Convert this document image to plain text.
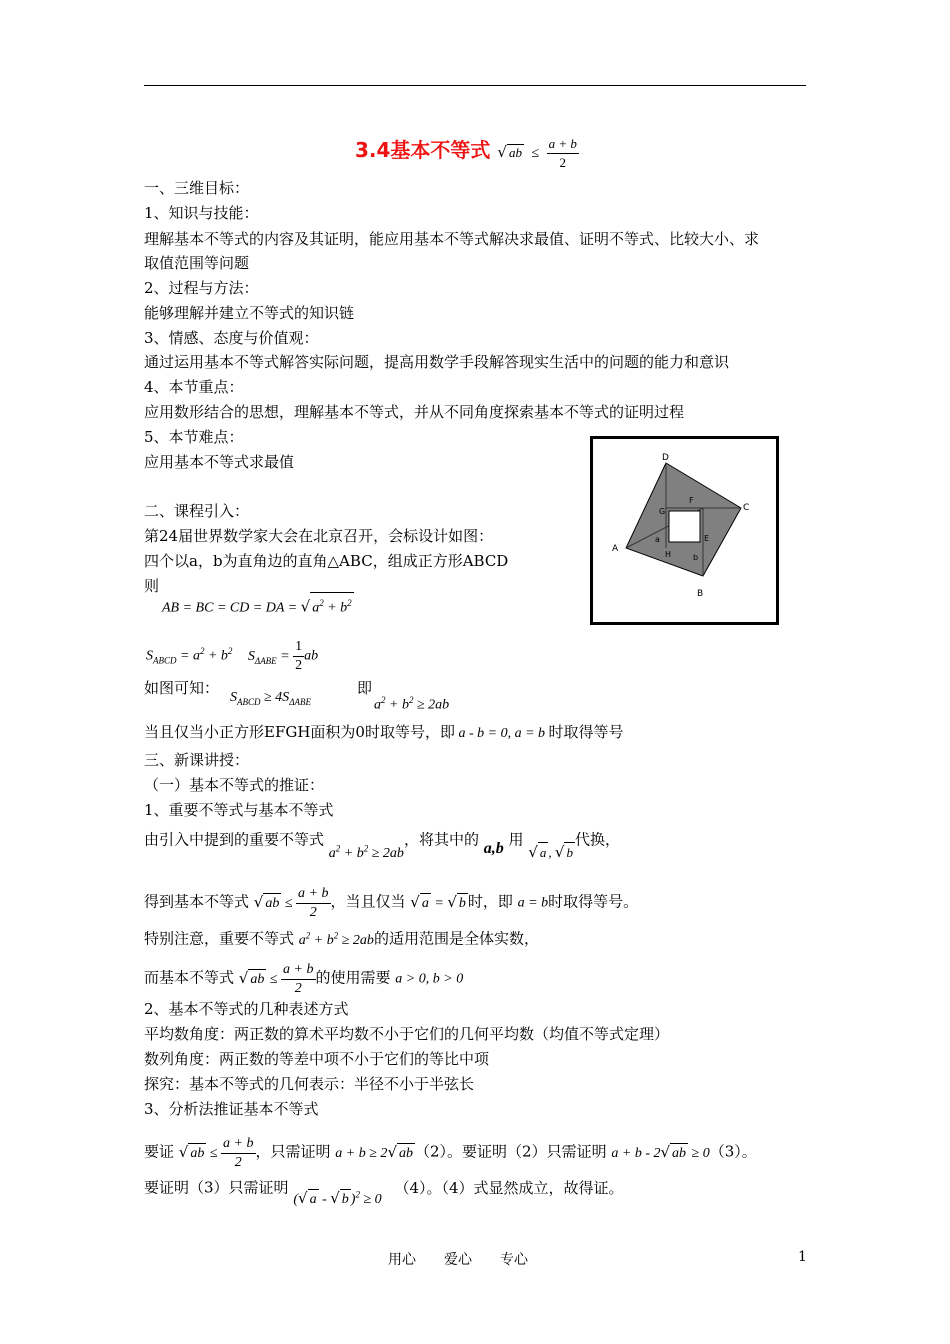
3.4基本不等式 √ ab ≤ $\frac{a + b}{2}$
一、三维目标：
1、知识与技能：
理解基本不等式的内容及其证明，能应用基本不等式解决求最值、证明不等式、比较大小、求
取值范围等问题
2、过程与方法：
能够理解并建立不等式的知识链
3、情感、态度与价值观：
通过运用基本不等式解答实际问题，提高用数学手段解答现实生活中的问题的能力和意识
4、本节重点：
应用数形结合的思想，理解基本不等式，并从不同角度探索基本不等式的证明过程
5、本节难点：
应用基本不等式求最值
二、课程引入：
第24届世界数学家大会在北京召开，会标设计如图：
四个以a，b为直角边的直角△ABC，组成正方形ABCD
则
AB = BC = CD = DA = √ $a^2 + b^2$
$S_{ABCD} = a^2 + b^2$ $S_{\Delta ABE} = \frac{1}{2}$ ab
如图可知：
$S_{ABCD} \ge 4S_{\Delta ABE}$
即
$a^2 + b^2 \ge 2ab$
当且仅当小正方形EFGH面积为0时取等号，即 a - b = 0, a = b 时取得等号
D
C
B
A
F
G
E
H
a
b
三、新课讲授：
（一）基本不等式的推证：
1、重要不等式与基本不等式
由引入中提到的重要不等式 $a^2 + b^2 \ge 2ab$，将其中的 a,b 用 √ a , √ b代换，
得到基本不等式 √ ab ≤ $\frac{a + b}{2}$ ，当且仅当 √ a = √ b 时，即 a = b时取得等号。
特别注意，重要不等式 $a^2 + b^2 \ge 2ab$的适用范围是全体实数，
而基本不等式 √ ab ≤ $\frac{a + b}{2}$ 的使用需要 a > 0, b > 0
2、基本不等式的几种表述方式
平均数角度：两正数的算术平均数不小于它们的几何平均数（均值不等式定理）
数列角度：两正数的等差中项不小于它们的等比中项
探究：基本不等式的几何表示：半径不小于半弦长
3、分析法推证基本不等式
要证 √ ab ≤ $\frac{a + b}{2}$ ，只需证明 a + b ≥ 2√ ab （2）。要证明（2）只需证明 a + b - 2√ ab ≥ 0（3）。
要证明（3）只需证明 (√ a - √ b )$^2$ ≥ 0 （4）。（4）式显然成立，故得证。
用心　　爱心　　专心	1
